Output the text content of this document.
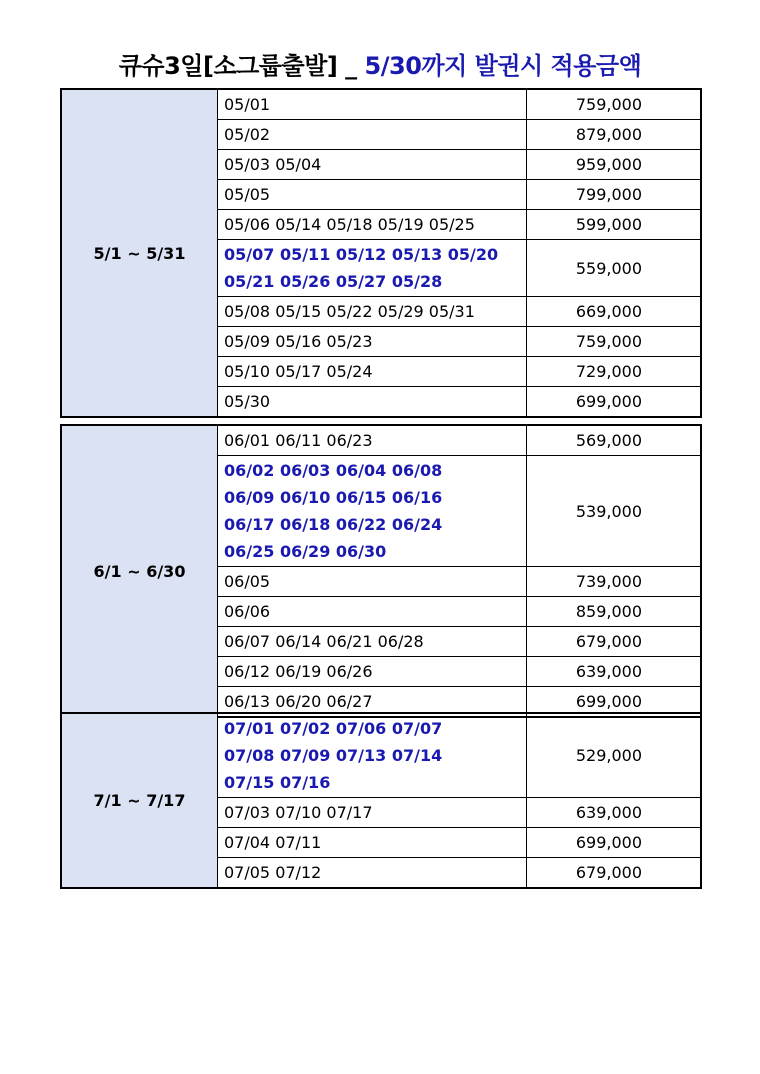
큐슈3일[소그룹출발] _ 5/30까지 발권시 적용금액
5/1 ~ 5/31	05/01	759,000

	05/02	879,000

	05/03 05/04	959,000

	05/05	799,000

	05/06 05/14 05/18 05/19 05/25	599,000

	05/07 05/11 05/12 05/13 05/20
05/21 05/26 05/27 05/28	559,000

	05/08 05/15 05/22 05/29 05/31	669,000

	05/09 05/16 05/23	759,000

	05/10 05/17 05/24	729,000

	05/30	699,000
6/1 ~ 6/30	06/01 06/11 06/23	569,000

	06/02 06/03 06/04 06/08
06/09 06/10 06/15 06/16
06/17 06/18 06/22 06/24
06/25 06/29 06/30	539,000

	06/05	739,000

	06/06	859,000

	06/07 06/14 06/21 06/28	679,000

	06/12 06/19 06/26	639,000

	06/13 06/20 06/27	699,000
7/1 ~ 7/17	07/01 07/02 07/06 07/07
07/08 07/09 07/13 07/14
07/15 07/16	529,000

	07/03 07/10 07/17	639,000

	07/04 07/11	699,000

	07/05 07/12	679,000
